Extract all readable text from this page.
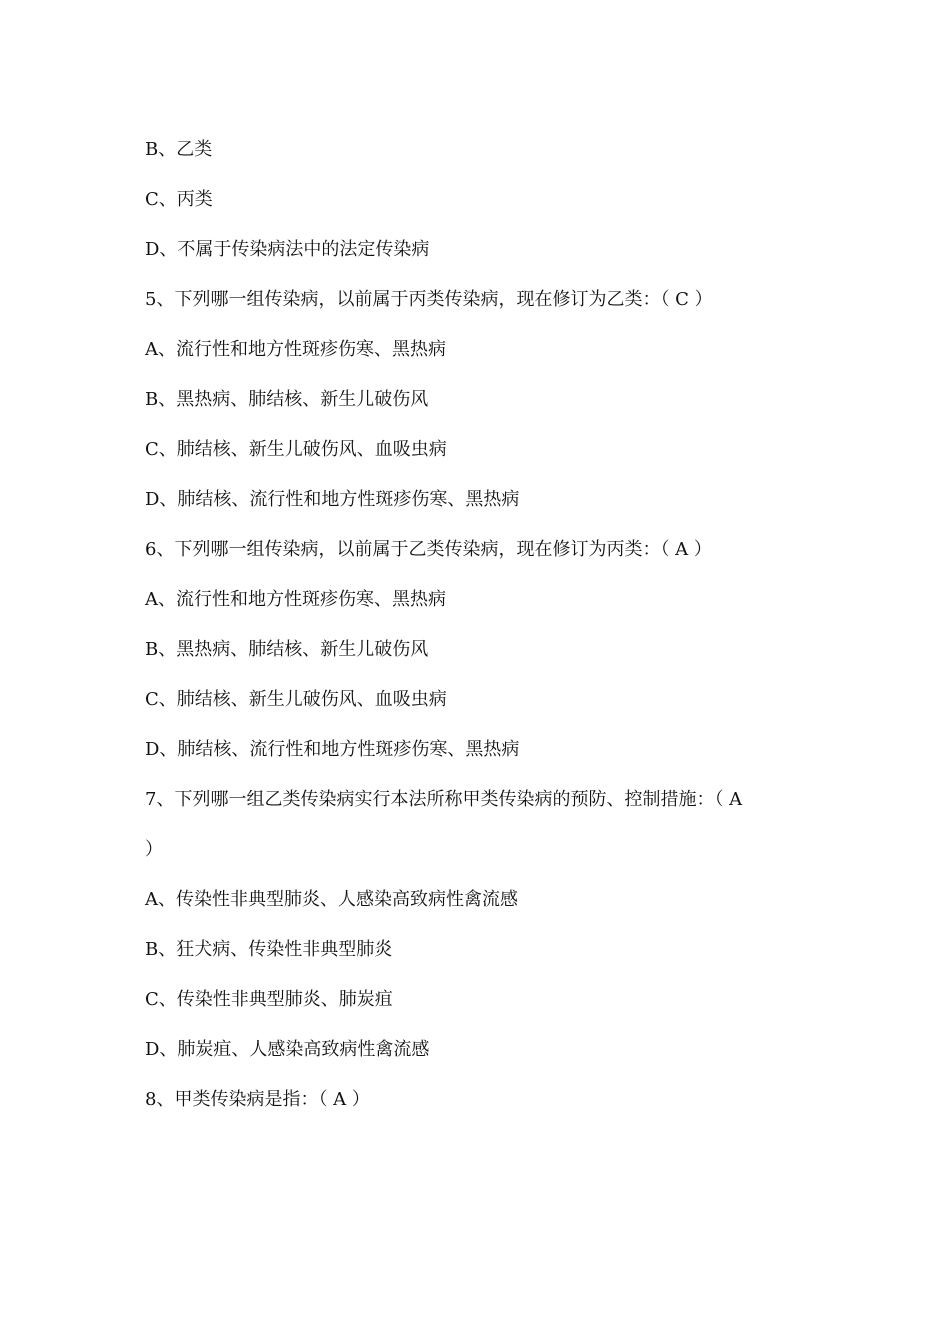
B、乙类
C、丙类
D、不属于传染病法中的法定传染病
5、下列哪一组传染病，以前属于丙类传染病，现在修订为乙类：（ C ）
A、流行性和地方性斑疹伤寒、黑热病
B、黑热病、肺结核、新生儿破伤风
C、肺结核、新生儿破伤风、血吸虫病
D、肺结核、流行性和地方性斑疹伤寒、黑热病
6、下列哪一组传染病，以前属于乙类传染病，现在修订为丙类：（ A ）
A、流行性和地方性斑疹伤寒、黑热病
B、黑热病、肺结核、新生儿破伤风
C、肺结核、新生儿破伤风、血吸虫病
D、肺结核、流行性和地方性斑疹伤寒、黑热病
7、下列哪一组乙类传染病实行本法所称甲类传染病的预防、控制措施：（ A
）
A、传染性非典型肺炎、人感染高致病性禽流感
B、狂犬病、传染性非典型肺炎
C、传染性非典型肺炎、肺炭疽
D、肺炭疽、人感染高致病性禽流感
8、甲类传染病是指：（ A ）
